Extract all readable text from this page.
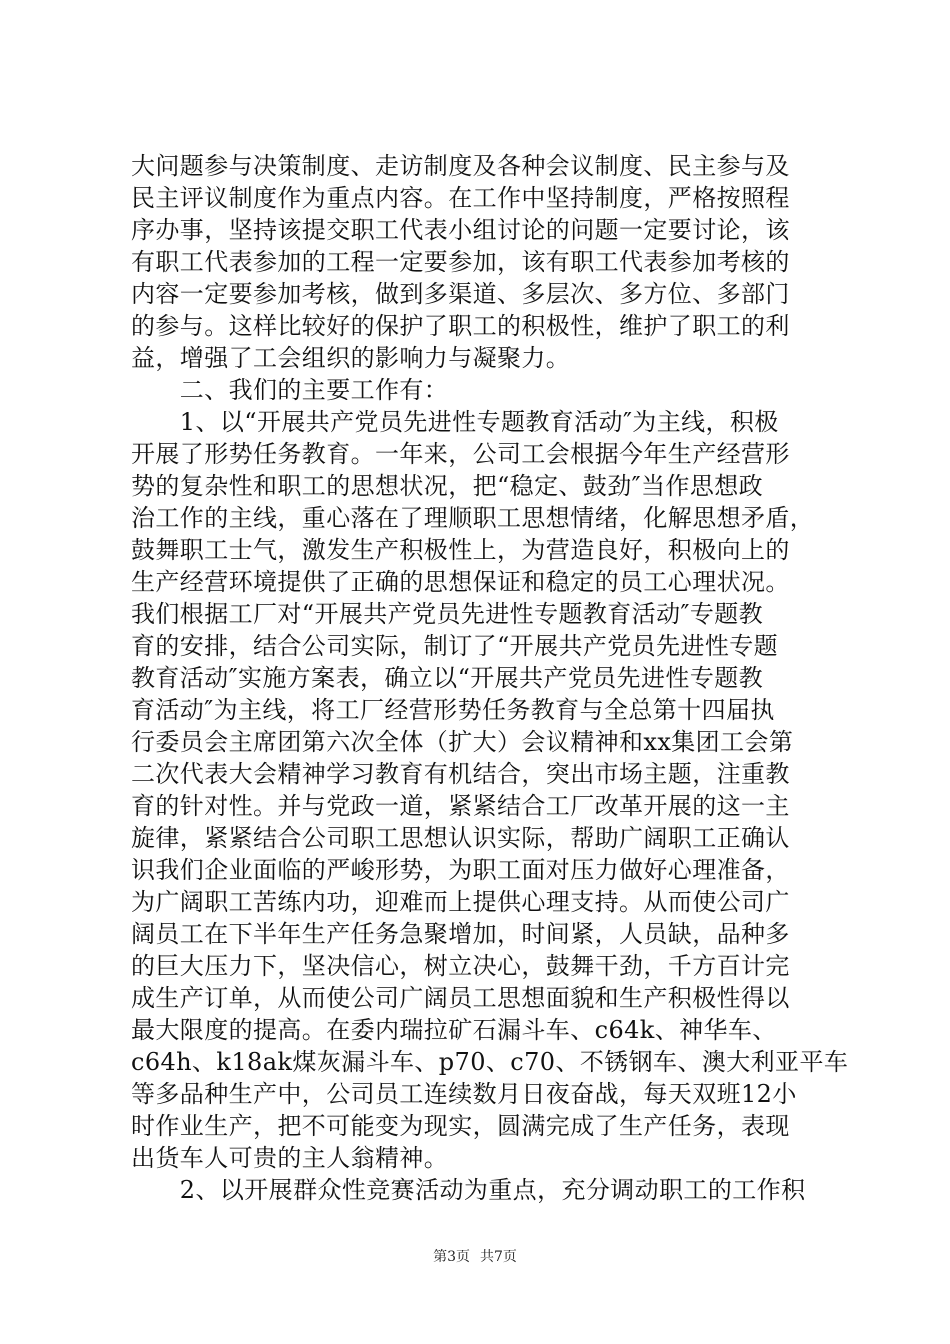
大问题参与决策制度、走访制度及各种会议制度、民主参与及
民主评议制度作为重点内容。在工作中坚持制度，严格按照程
序办事，坚持该提交职工代表小组讨论的问题一定要讨论，该
有职工代表参加的工程一定要参加，该有职工代表参加考核的
内容一定要参加考核，做到多渠道、多层次、多方位、多部门
的参与。这样比较好的保护了职工的积极性，维护了职工的利
益，增强了工会组织的影响力与凝聚力。
　　二、我们的主要工作有：
　　1、以“开展共产党员先进性专题教育活动″为主线，积极
开展了形势任务教育。一年来，公司工会根据今年生产经营形
势的复杂性和职工的思想状况，把“稳定、鼓劲″当作思想政
治工作的主线，重心落在了理顺职工思想情绪，化解思想矛盾，
鼓舞职工士气，激发生产积极性上，为营造良好，积极向上的
生产经营环境提供了正确的思想保证和稳定的员工心理状况。
我们根据工厂对“开展共产党员先进性专题教育活动″专题教
育的安排，结合公司实际，制订了“开展共产党员先进性专题
教育活动″实施方案表，确立以“开展共产党员先进性专题教
育活动″为主线，将工厂经营形势任务教育与全总第十四届执
行委员会主席团第六次全体（扩大）会议精神和xx集团工会第
二次代表大会精神学习教育有机结合，突出市场主题，注重教
育的针对性。并与党政一道，紧紧结合工厂改革开展的这一主
旋律，紧紧结合公司职工思想认识实际，帮助广阔职工正确认
识我们企业面临的严峻形势，为职工面对压力做好心理准备，
为广阔职工苦练内功，迎难而上提供心理支持。从而使公司广
阔员工在下半年生产任务急聚增加，时间紧，人员缺，品种多
的巨大压力下，坚决信心，树立决心，鼓舞干劲，千方百计完
成生产订单，从而使公司广阔员工思想面貌和生产积极性得以
最大限度的提高。在委内瑞拉矿石漏斗车、c64k、神华车、
c64h、k18ak煤灰漏斗车、p70、c70、不锈钢车、澳大利亚平车
等多品种生产中，公司员工连续数月日夜奋战，每天双班12小
时作业生产，把不可能变为现实，圆满完成了生产任务，表现
出货车人可贵的主人翁精神。
　　2、以开展群众性竞赛活动为重点，充分调动职工的工作积
第3页 共7页
